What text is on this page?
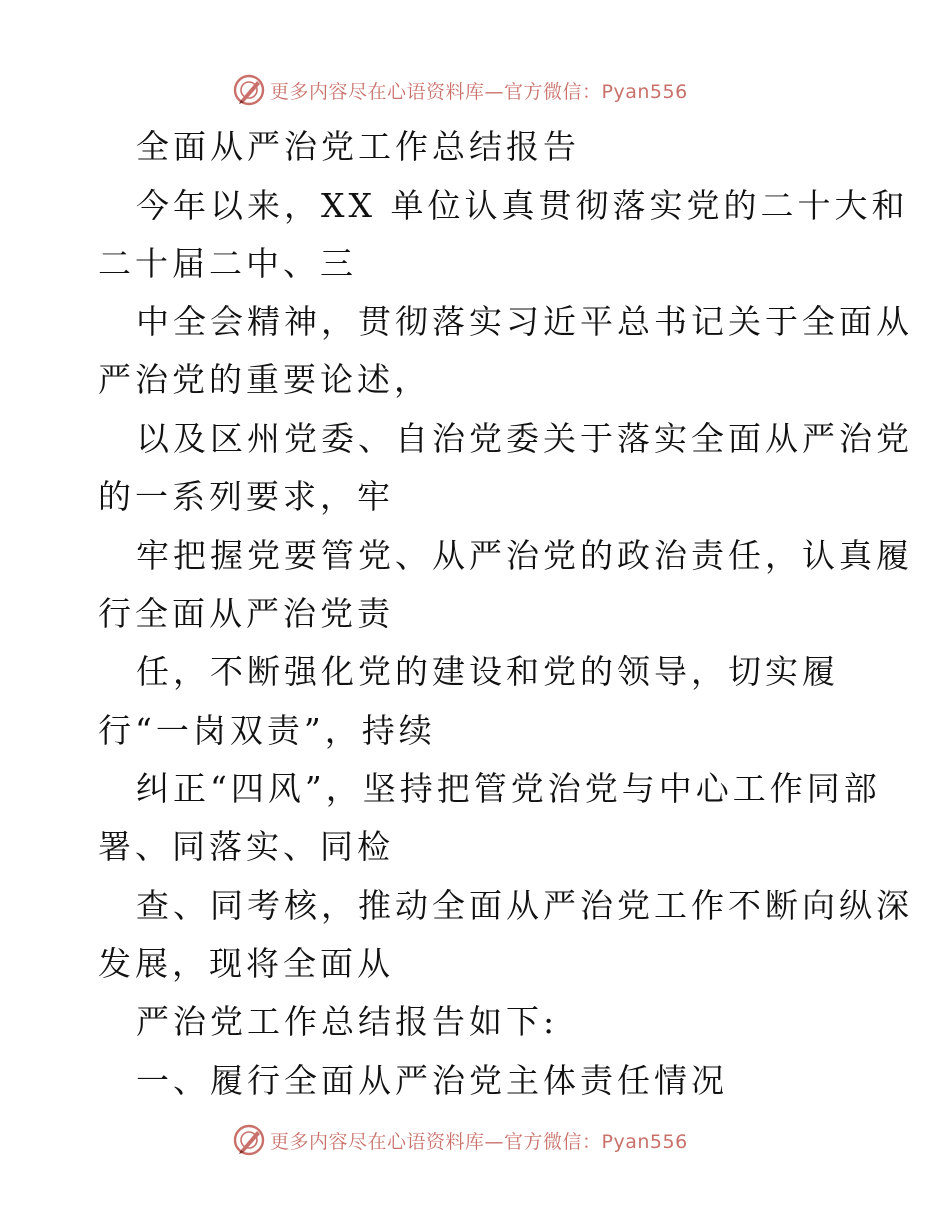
更多内容尽在心语资料库—官方微信：Pyan556
全面从严治党工作总结报告
今年以来，XX 单位认真贯彻落实党的二十大和
二十届二中、三
中全会精神，贯彻落实习近平总书记关于全面从
严治党的重要论述，
以及区州党委、自治党委关于落实全面从严治党
的一系列要求，牢
牢把握党要管党、从严治党的政治责任，认真履
行全面从严治党责
任，不断强化党的建设和党的领导，切实履
行“一岗双责”，持续
纠正“四风”，坚持把管党治党与中心工作同部
署、同落实、同检
查、同考核，推动全面从严治党工作不断向纵深
发展，现将全面从
严治党工作总结报告如下:
一、履行全面从严治党主体责任情况
更多内容尽在心语资料库—官方微信：Pyan556
